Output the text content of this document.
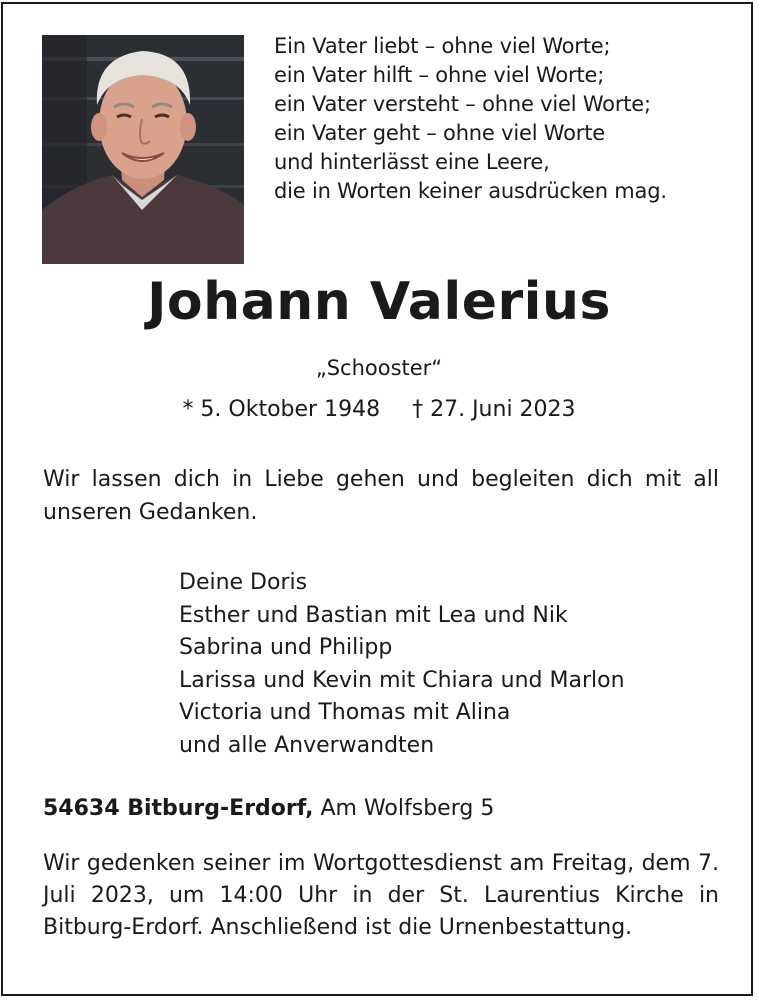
Ein Vater liebt – ohne viel Worte;
ein Vater hilft – ohne viel Worte;
ein Vater versteht – ohne viel Worte;
ein Vater geht – ohne viel Worte
und hinterlässt eine Leere,
die in Worten keiner ausdrücken mag.
Johann Valerius
„Schooster“
* 5. Oktober 1948 † 27. Juni 2023
Wir lassen dich in Liebe gehen und begleiten dich mit all unseren Gedanken.
Deine Doris
Esther und Bastian mit Lea und Nik
Sabrina und Philipp
Larissa und Kevin mit Chiara und Marlon
Victoria und Thomas mit Alina
und alle Anverwandten
54634 Bitburg-Erdorf, Am Wolfsberg 5
Wir gedenken seiner im Wortgottesdienst am Freitag, dem 7. Juli 2023, um 14:00 Uhr in der St. Laurentius Kirche in Bitburg-Erdorf. Anschließend ist die Urnenbestattung.
